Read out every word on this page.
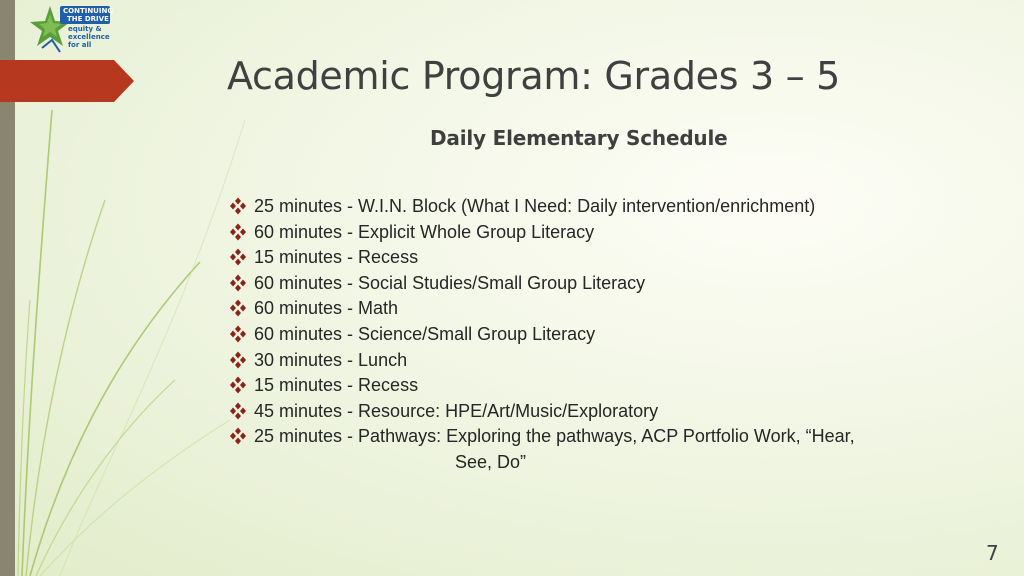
CONTINUING
THE DRIVE
equity &
excellence
for all
Academic Program: Grades 3 – 5
Daily Elementary Schedule
25 minutes - W.I.N. Block (What I Need: Daily intervention/enrichment)
60 minutes - Explicit Whole Group Literacy
15 minutes - Recess
60 minutes - Social Studies/Small Group Literacy
60 minutes - Math
60 minutes - Science/Small Group Literacy
30 minutes - Lunch
15 minutes - Recess
45 minutes - Resource: HPE/Art/Music/Exploratory
25 minutes - Pathways: Exploring the pathways, ACP Portfolio Work, “Hear,
See, Do”
7
